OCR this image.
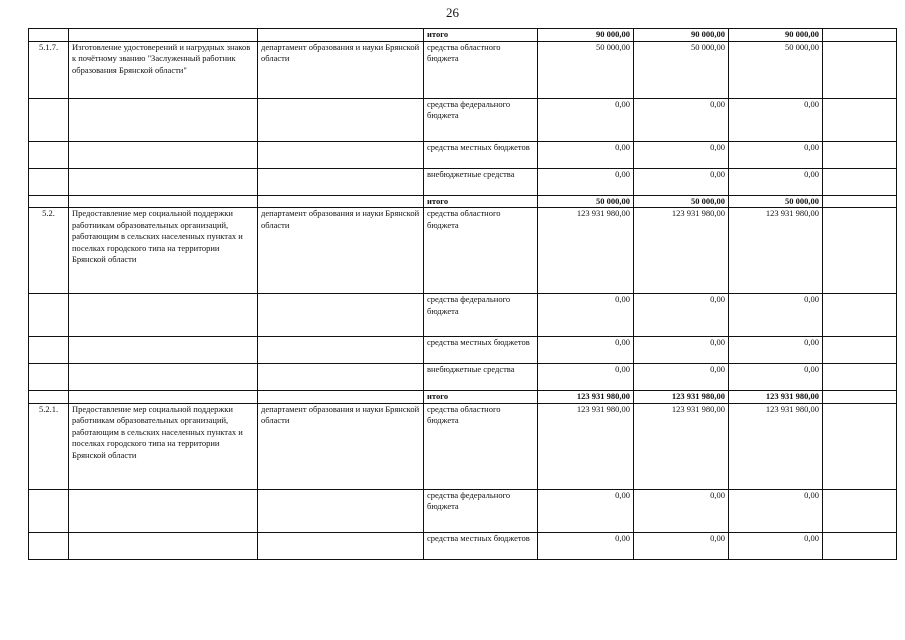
26
			итого	90 000,00	90 000,00	90 000,00	
5.1.7.	Изготовление удостоверений и нагрудных знаков к почётному званию "Заслуженный работник образования Брянской области"	департамент образования и науки Брянской области	средства областного бюджета	50 000,00	50 000,00	50 000,00	
			средства федерального бюджета	0,00	0,00	0,00	
			средства местных бюджетов	0,00	0,00	0,00	
			внебюджетные средства	0,00	0,00	0,00	
			итого	50 000,00	50 000,00	50 000,00	
5.2.	Предоставление мер социальной поддержки работникам образовательных организаций, работающим в сельских населенных пунктах и поселках городского типа на территории Брянской области	департамент образования и науки Брянской области	средства областного бюджета	123 931 980,00	123 931 980,00	123 931 980,00	
			средства федерального бюджета	0,00	0,00	0,00	
			средства местных бюджетов	0,00	0,00	0,00	
			внебюджетные средства	0,00	0,00	0,00	
			итого	123 931 980,00	123 931 980,00	123 931 980,00	
5.2.1.	Предоставление мер социальной поддержки работникам образовательных организаций, работающим в сельских населенных пунктах и поселках городского типа на территории Брянской области	департамент образования и науки Брянской области	средства областного бюджета	123 931 980,00	123 931 980,00	123 931 980,00	
			средства федерального бюджета	0,00	0,00	0,00	
			средства местных бюджетов	0,00	0,00	0,00	
